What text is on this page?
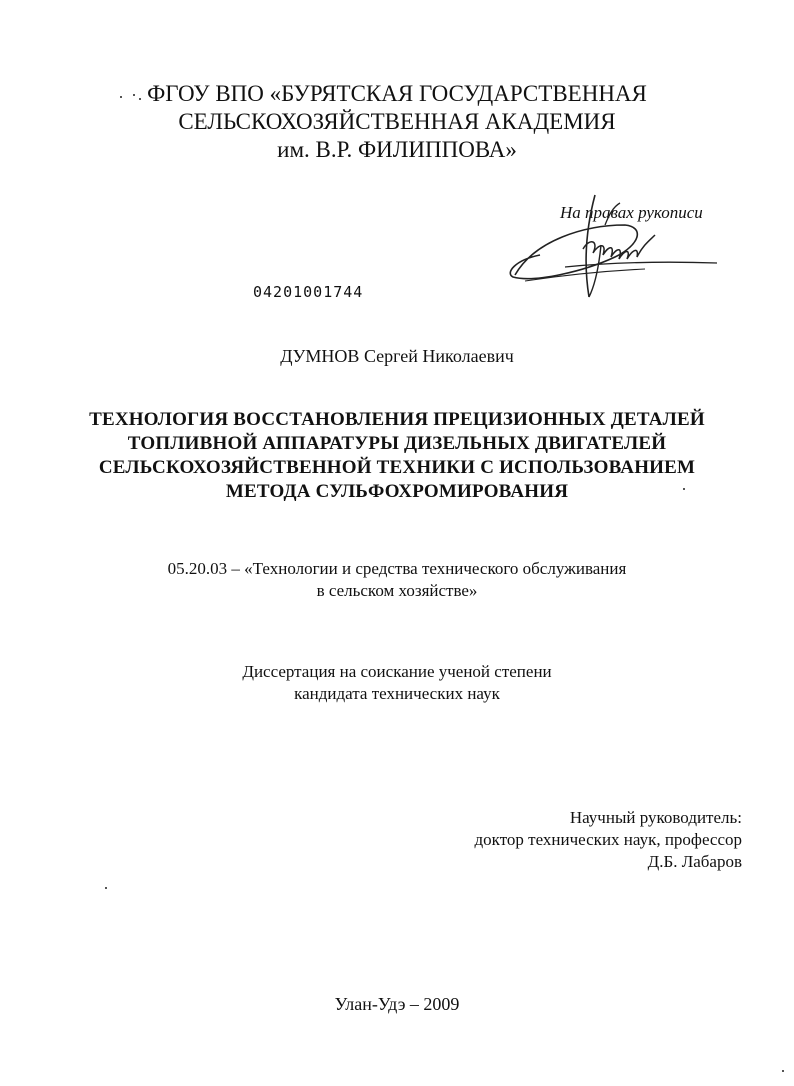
ФГОУ ВПО «БУРЯТСКАЯ ГОСУДАРСТВЕННАЯ
СЕЛЬСКОХОЗЯЙСТВЕННАЯ АКАДЕМИЯ
им. В.Р. ФИЛИППОВА»
На правах рукописи
04201001744
ДУМНОВ Сергей Николаевич
ТЕХНОЛОГИЯ ВОССТАНОВЛЕНИЯ ПРЕЦИЗИОННЫХ ДЕТАЛЕЙ
ТОПЛИВНОЙ АППАРАТУРЫ ДИЗЕЛЬНЫХ ДВИГАТЕЛЕЙ
СЕЛЬСКОХОЗЯЙСТВЕННОЙ ТЕХНИКИ С ИСПОЛЬЗОВАНИЕМ
МЕТОДА СУЛЬФОХРОМИРОВАНИЯ
05.20.03 – «Технологии и средства технического обслуживания
в сельском хозяйстве»
Диссертация на соискание ученой степени
кандидата технических наук
Научный руководитель:
доктор технических наук, профессор
Д.Б. Лабаров
Улан-Удэ – 2009
